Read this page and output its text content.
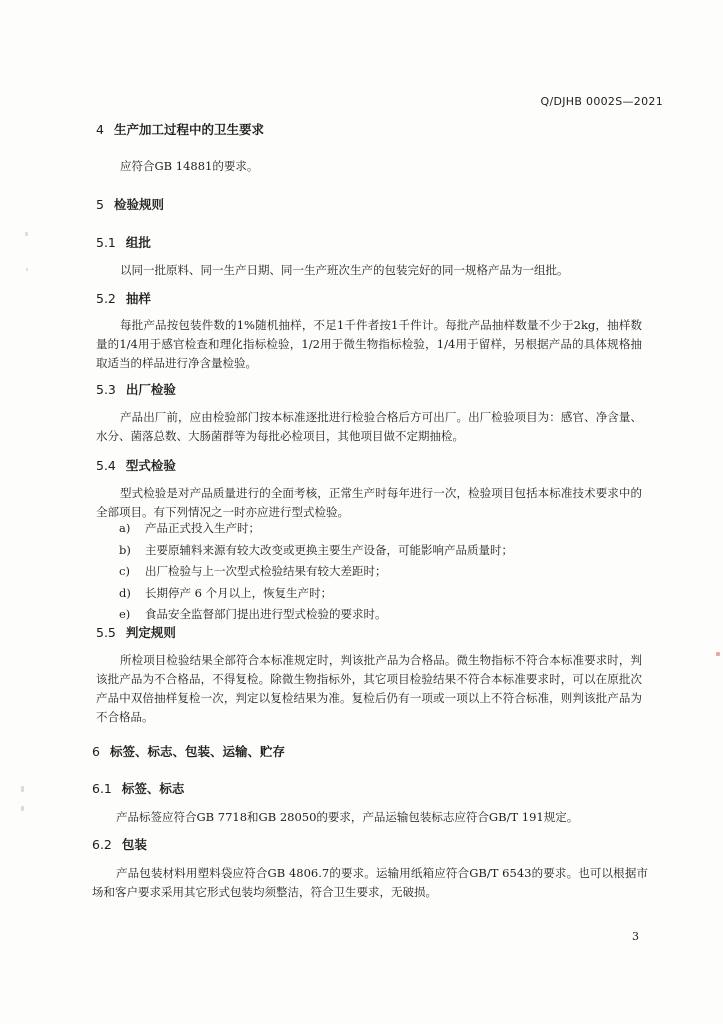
Q/DJHB 0002S—2021
4 生产加工过程中的卫生要求
应符合GB 14881的要求。
5 检验规则
5.1 组批
以同一批原料、同一生产日期、同一生产班次生产的包装完好的同一规格产品为一组批。
5.2 抽样
每批产品按包装件数的1%随机抽样，不足1千件者按1千件计。每批产品抽样数量不少于2kg，抽样数量的1/4用于感官检查和理化指标检验，1/2用于微生物指标检验，1/4用于留样，另根据产品的具体规格抽取适当的样品进行净含量检验。
5.3 出厂检验
产品出厂前，应由检验部门按本标准逐批进行检验合格后方可出厂。出厂检验项目为：感官、净含量、水分、菌落总数、大肠菌群等为每批必检项目，其他项目做不定期抽检。
5.4 型式检验
型式检验是对产品质量进行的全面考核，正常生产时每年进行一次，检验项目包括本标准技术要求中的全部项目。有下列情况之一时亦应进行型式检验。
a) 产品正式投入生产时；
b) 主要原辅料来源有较大改变或更换主要生产设备，可能影响产品质量时；
c) 出厂检验与上一次型式检验结果有较大差距时；
d) 长期停产 6 个月以上，恢复生产时；
e) 食品安全监督部门提出进行型式检验的要求时。
5.5 判定规则
所检项目检验结果全部符合本标准规定时，判该批产品为合格品。微生物指标不符合本标准要求时，判该批产品为不合格品，不得复检。除微生物指标外，其它项目检验结果不符合本标准要求时，可以在原批次产品中双倍抽样复检一次，判定以复检结果为准。复检后仍有一项或一项以上不符合标准，则判该批产品为不合格品。
6 标签、标志、包装、运输、贮存
6.1 标签、标志
产品标签应符合GB 7718和GB 28050的要求，产品运输包装标志应符合GB/T 191规定。
6.2 包装
产品包装材料用塑料袋应符合GB 4806.7的要求。运输用纸箱应符合GB/T 6543的要求。也可以根据市场和客户要求采用其它形式包装均须整洁，符合卫生要求，无破损。
3
